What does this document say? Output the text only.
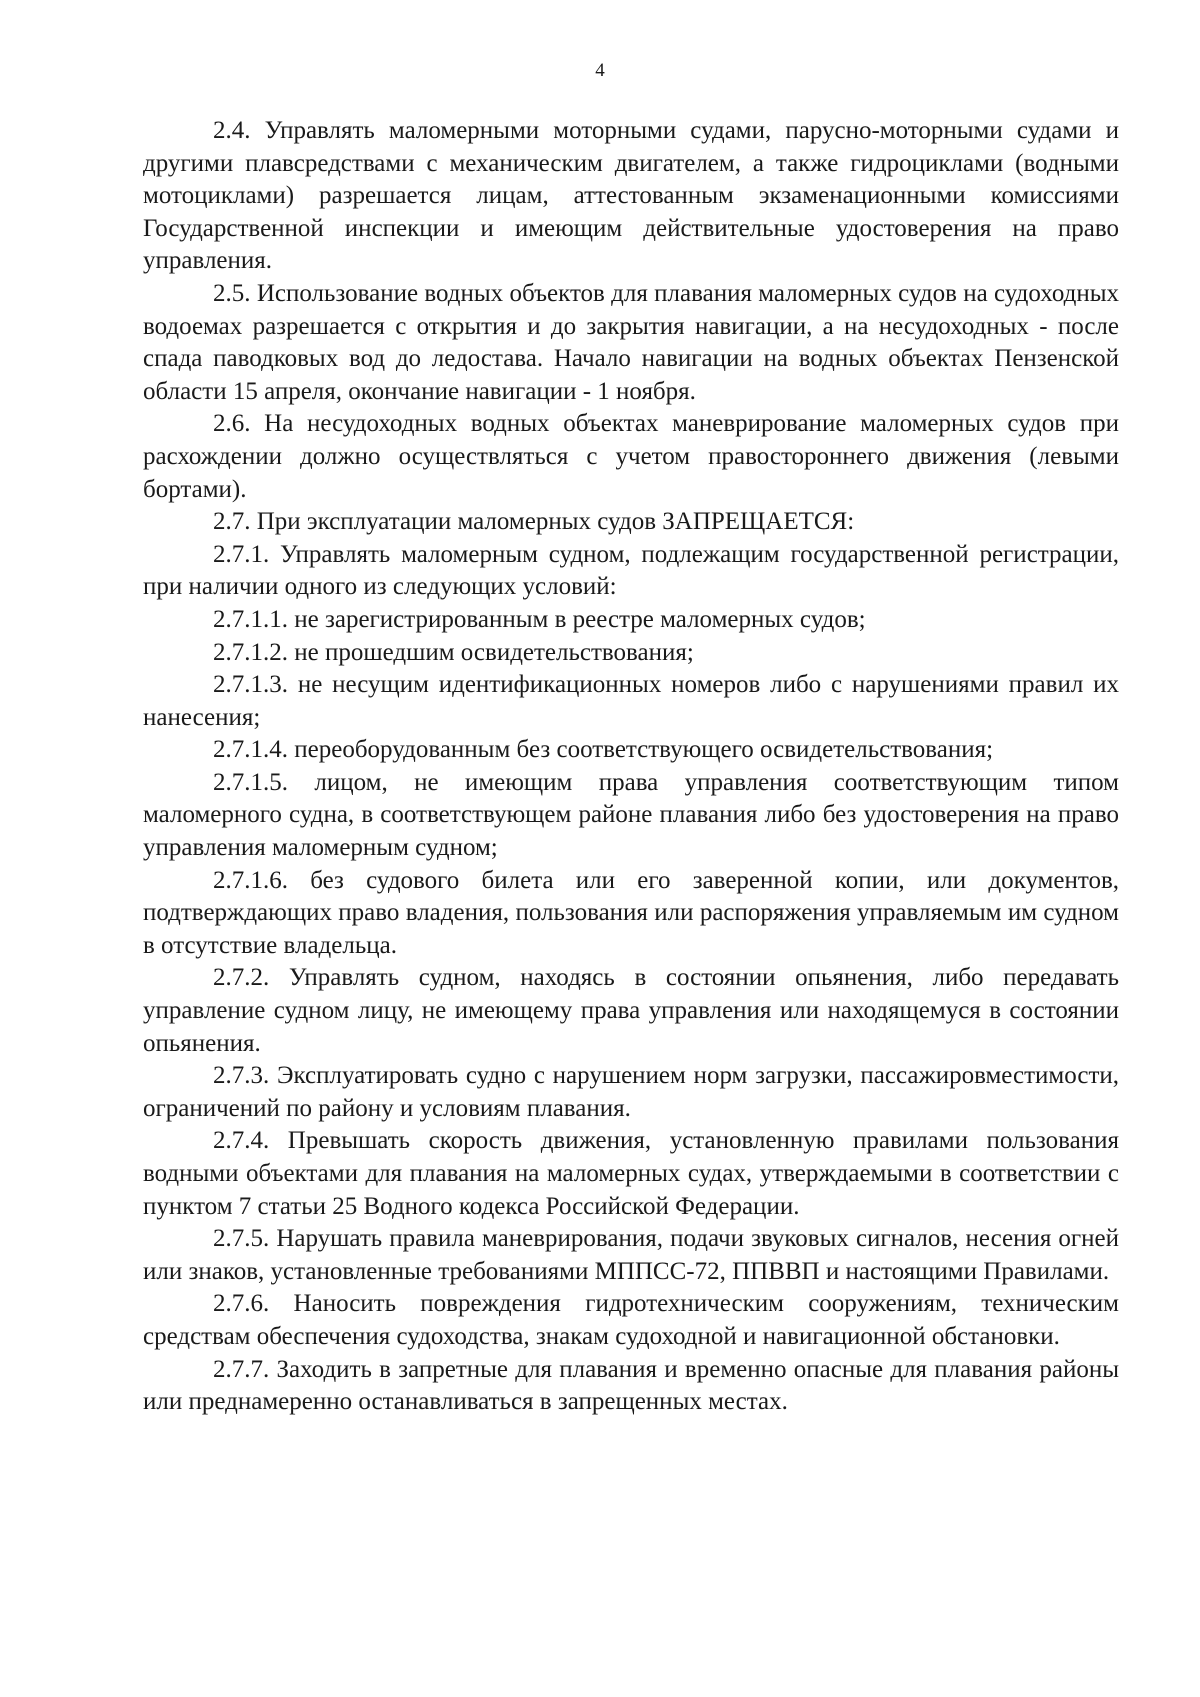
4

2.4. Управлять маломерными моторными судами, парусно-моторными судами и другими плавсредствами с механическим двигателем, а также гидроциклами (водными мотоциклами) разрешается лицам, аттестованным экзаменационными комиссиями Государственной инспекции и имеющим действительные удостоверения на право управления.

2.5. Использование водных объектов для плавания маломерных судов на судоходных водоемах разрешается с открытия и до закрытия навигации, а на несудоходных - после спада паводковых вод до ледостава. Начало навигации на водных объектах Пензенской области 15 апреля, окончание навигации - 1 ноября.

2.6. На несудоходных водных объектах маневрирование маломерных судов при расхождении должно осуществляться с учетом правостороннего движения (левыми бортами).

2.7. При эксплуатации маломерных судов ЗАПРЕЩАЕТСЯ:

2.7.1. Управлять маломерным судном, подлежащим государственной регистрации, при наличии одного из следующих условий:

2.7.1.1. не зарегистрированным в реестре маломерных судов;

2.7.1.2. не прошедшим освидетельствования;

2.7.1.3. не несущим идентификационных номеров либо с нарушениями правил их нанесения;

2.7.1.4. переоборудованным без соответствующего освидетельствования;

2.7.1.5. лицом, не имеющим права управления соответствующим типом маломерного судна, в соответствующем районе плавания либо без удостоверения на право управления маломерным судном;

2.7.1.6. без судового билета или его заверенной копии, или документов, подтверждающих право владения, пользования или распоряжения управляемым им судном в отсутствие владельца.

2.7.2. Управлять судном, находясь в состоянии опьянения, либо передавать управление судном лицу, не имеющему права управления или находящемуся в состоянии опьянения.

2.7.3. Эксплуатировать судно с нарушением норм загрузки, пассажировместимости, ограничений по району и условиям плавания.

2.7.4. Превышать скорость движения, установленную правилами пользования водными объектами для плавания на маломерных судах, утверждаемыми в соответствии с пунктом 7 статьи 25 Водного кодекса Российской Федерации.

2.7.5. Нарушать правила маневрирования, подачи звуковых сигналов, несения огней или знаков, установленные требованиями МППСС-72, ППВВП и настоящими Правилами.

2.7.6. Наносить повреждения гидротехническим сооружениям, техническим средствам обеспечения судоходства, знакам судоходной и навигационной обстановки.

2.7.7. Заходить в запретные для плавания и временно опасные для плавания районы или преднамеренно останавливаться в запрещенных местах.
